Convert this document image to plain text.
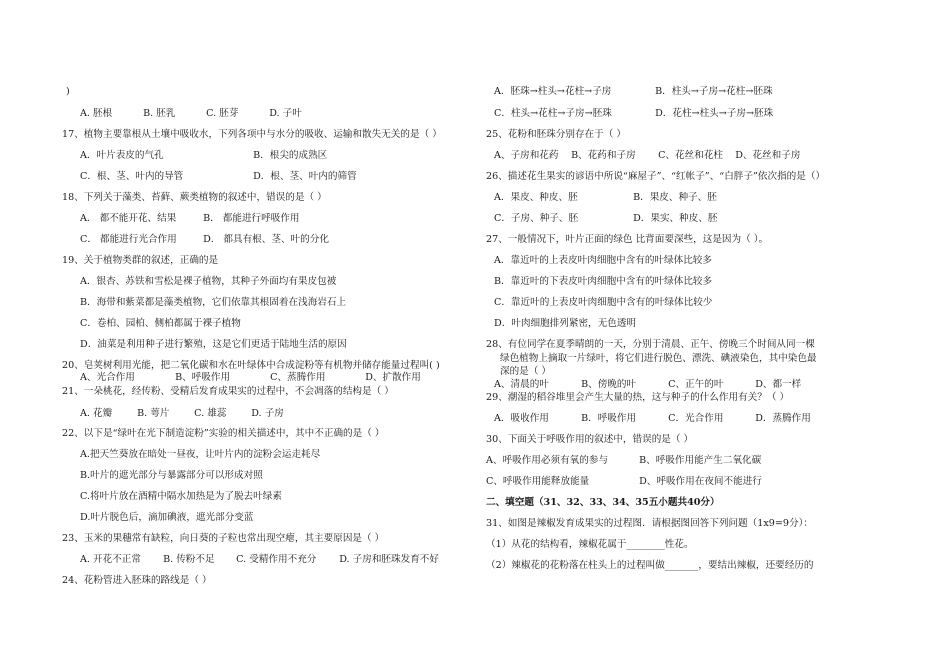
)
A. 胚根	B. 胚乳	C. 胚芽	D. 子叶
17、植物主要靠根从土壤中吸收水，下列各项中与水分的吸收、运输和散失无关的是（ ）
A．叶片表皮的气孔	B．根尖的成熟区
C．根、茎、叶内的导管	D．根、茎、叶内的筛管
18、下列关于藻类、苔藓、蕨类植物的叙述中，错误的是（ ）
A． 都不能开花、结果	B． 都能进行呼吸作用
C． 都能进行光合作用	D． 都具有根、茎、叶的分化
19、关于植物类群的叙述，正确的是
A．银杏、苏铁和雪松是裸子植物，其种子外面均有果皮包被
B．海带和紫菜都是藻类植物，它们依靠其根固着在浅海岩石上
C．卷柏、园柏、侧柏都属于裸子植物
D．油菜是利用种子进行繁殖，这是它们更适于陆地生活的原因
20、皂荚树利用光能，把二氧化碳和水在叶绿体中合成淀粉等有机物并储存能量过程叫( )
A、光合作用	B、呼吸作用	C、蒸腾作用	D、扩散作用
21、一朵桃花，经传粉、受精后发育成果实的过程中，不会凋落的结构是（ ）
A. 花瓣	B. 萼片	C. 雄蕊	D. 子房
22、以下是“绿叶在光下制造淀粉”实验的相关描述中，其中不正确的是（ ）
A.把天竺葵放在暗处一昼夜，让叶片内的淀粉会运走耗尽
B.叶片的遮光部分与暴露部分可以形成对照
C.将叶片放在酒精中隔水加热是为了脱去叶绿素
D.叶片脱色后，滴加碘液，遮光部分变蓝
23、玉米的果穗常有缺粒，向日葵的子粒也常出现空瘪，其主要原因是（ ）
A. 开花不正常 B. 传粉不足 C. 受精作用不充分 D. 子房和胚珠发育不好
24、花粉管进入胚珠的路线是（ ）
A．胚珠→柱头→花柱→子房	B．柱头→子房→花柱→胚珠
C．柱头→花柱→子房→胚珠	D．花柱→柱头→子房→胚珠
25、花粉和胚珠分别存在于（ ）
A、子房和花药 B、花药和子房 C、花丝和花柱 D、花丝和子房
26、描述花生果实的谚语中所说“麻屋子”、“红帐子”、“白胖子”依次指的是（）
A．果皮、种皮、胚	B．果皮、种子、胚
C．子房、种子、胚	D．果实、种皮、胚
27、一般情况下，叶片正面的绿色 比背面要深些，这是因为（ ）。
A．靠近叶的上表皮叶肉细胞中含有的叶绿体比较多
B．靠近叶的下表皮叶肉细胞中含有的叶绿体比较多
C．靠近叶的上表皮叶肉细胞中含有的叶绿体比较少
D．叶肉细胞排列紧密，无色透明
28、有位同学在夏季晴朗的一天，分别于清晨、正午、傍晚三个时间从同一棵
绿色植物上摘取一片绿叶，将它们进行脱色、漂洗、碘液染色，其中染色最
深的是（ ）
A、清晨的叶	B、傍晚的叶	C、正午的叶	D、都一样
29、潮湿的稻谷堆里会产生大量的热，这与种子的什么作用有关？（ ）
A．吸收作用	B．呼吸作用	C．光合作用	D．蒸腾作用
30、下面关于呼吸作用的叙述中，错误的是（ ）
A、呼吸作用必须有氧的参与	B、呼吸作用能产生二氧化碳
C、呼吸作用能释放能量	D、呼吸作用在夜间不能进行
二、填空题（31、32、33、34、35五小题共40分）
31、如图是辣椒发育成果实的过程图．请根据图回答下列问题（1x9=9分）：
（1）从花的结构看，辣椒花属于________性花。
（2）辣椒花的花粉落在柱头上的过程叫做_______，要结出辣椒，还要经历的
